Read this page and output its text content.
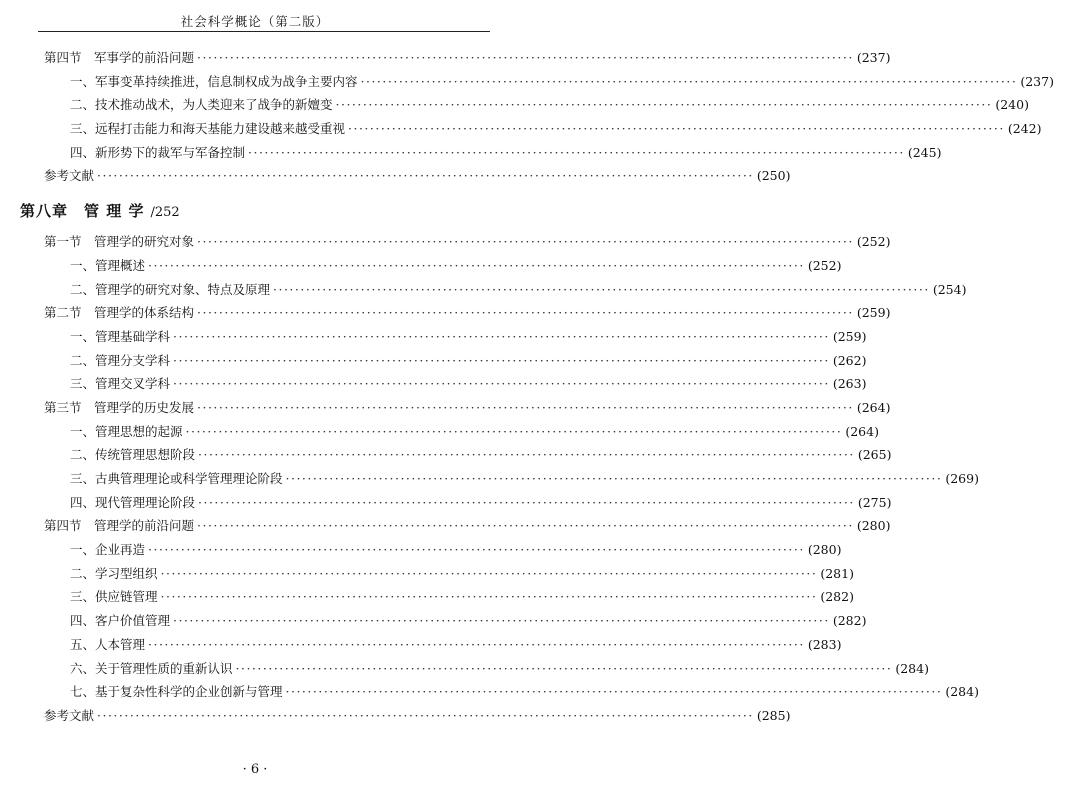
社会科学概论（第二版）
第四节　军事学的前沿问题 ························································································································ (237)
一、军事变革持续推进，信息制权成为战争主要内容 ························································································································ (237)
二、技术推动战术，为人类迎来了战争的新嬗变 ························································································································ (240)
三、远程打击能力和海天基能力建设越来越受重视 ························································································································ (242)
四、新形势下的裁军与军备控制 ························································································································ (245)
参考文献 ························································································································ (250)
第八章　管 理 学 /252
第一节　管理学的研究对象 ························································································································ (252)
一、管理概述 ························································································································ (252)
二、管理学的研究对象、特点及原理 ························································································································ (254)
第二节　管理学的体系结构 ························································································································ (259)
一、管理基础学科 ························································································································ (259)
二、管理分支学科 ························································································································ (262)
三、管理交叉学科 ························································································································ (263)
第三节　管理学的历史发展 ························································································································ (264)
一、管理思想的起源 ························································································································ (264)
二、传统管理思想阶段 ························································································································ (265)
三、古典管理理论或科学管理理论阶段 ························································································································ (269)
四、现代管理理论阶段 ························································································································ (275)
第四节　管理学的前沿问题 ························································································································ (280)
一、企业再造 ························································································································ (280)
二、学习型组织 ························································································································ (281)
三、供应链管理 ························································································································ (282)
四、客户价值管理 ························································································································ (282)
五、人本管理 ························································································································ (283)
六、关于管理性质的重新认识 ························································································································ (284)
七、基于复杂性科学的企业创新与管理 ························································································································ (284)
参考文献 ························································································································ (285)
· 6 ·
